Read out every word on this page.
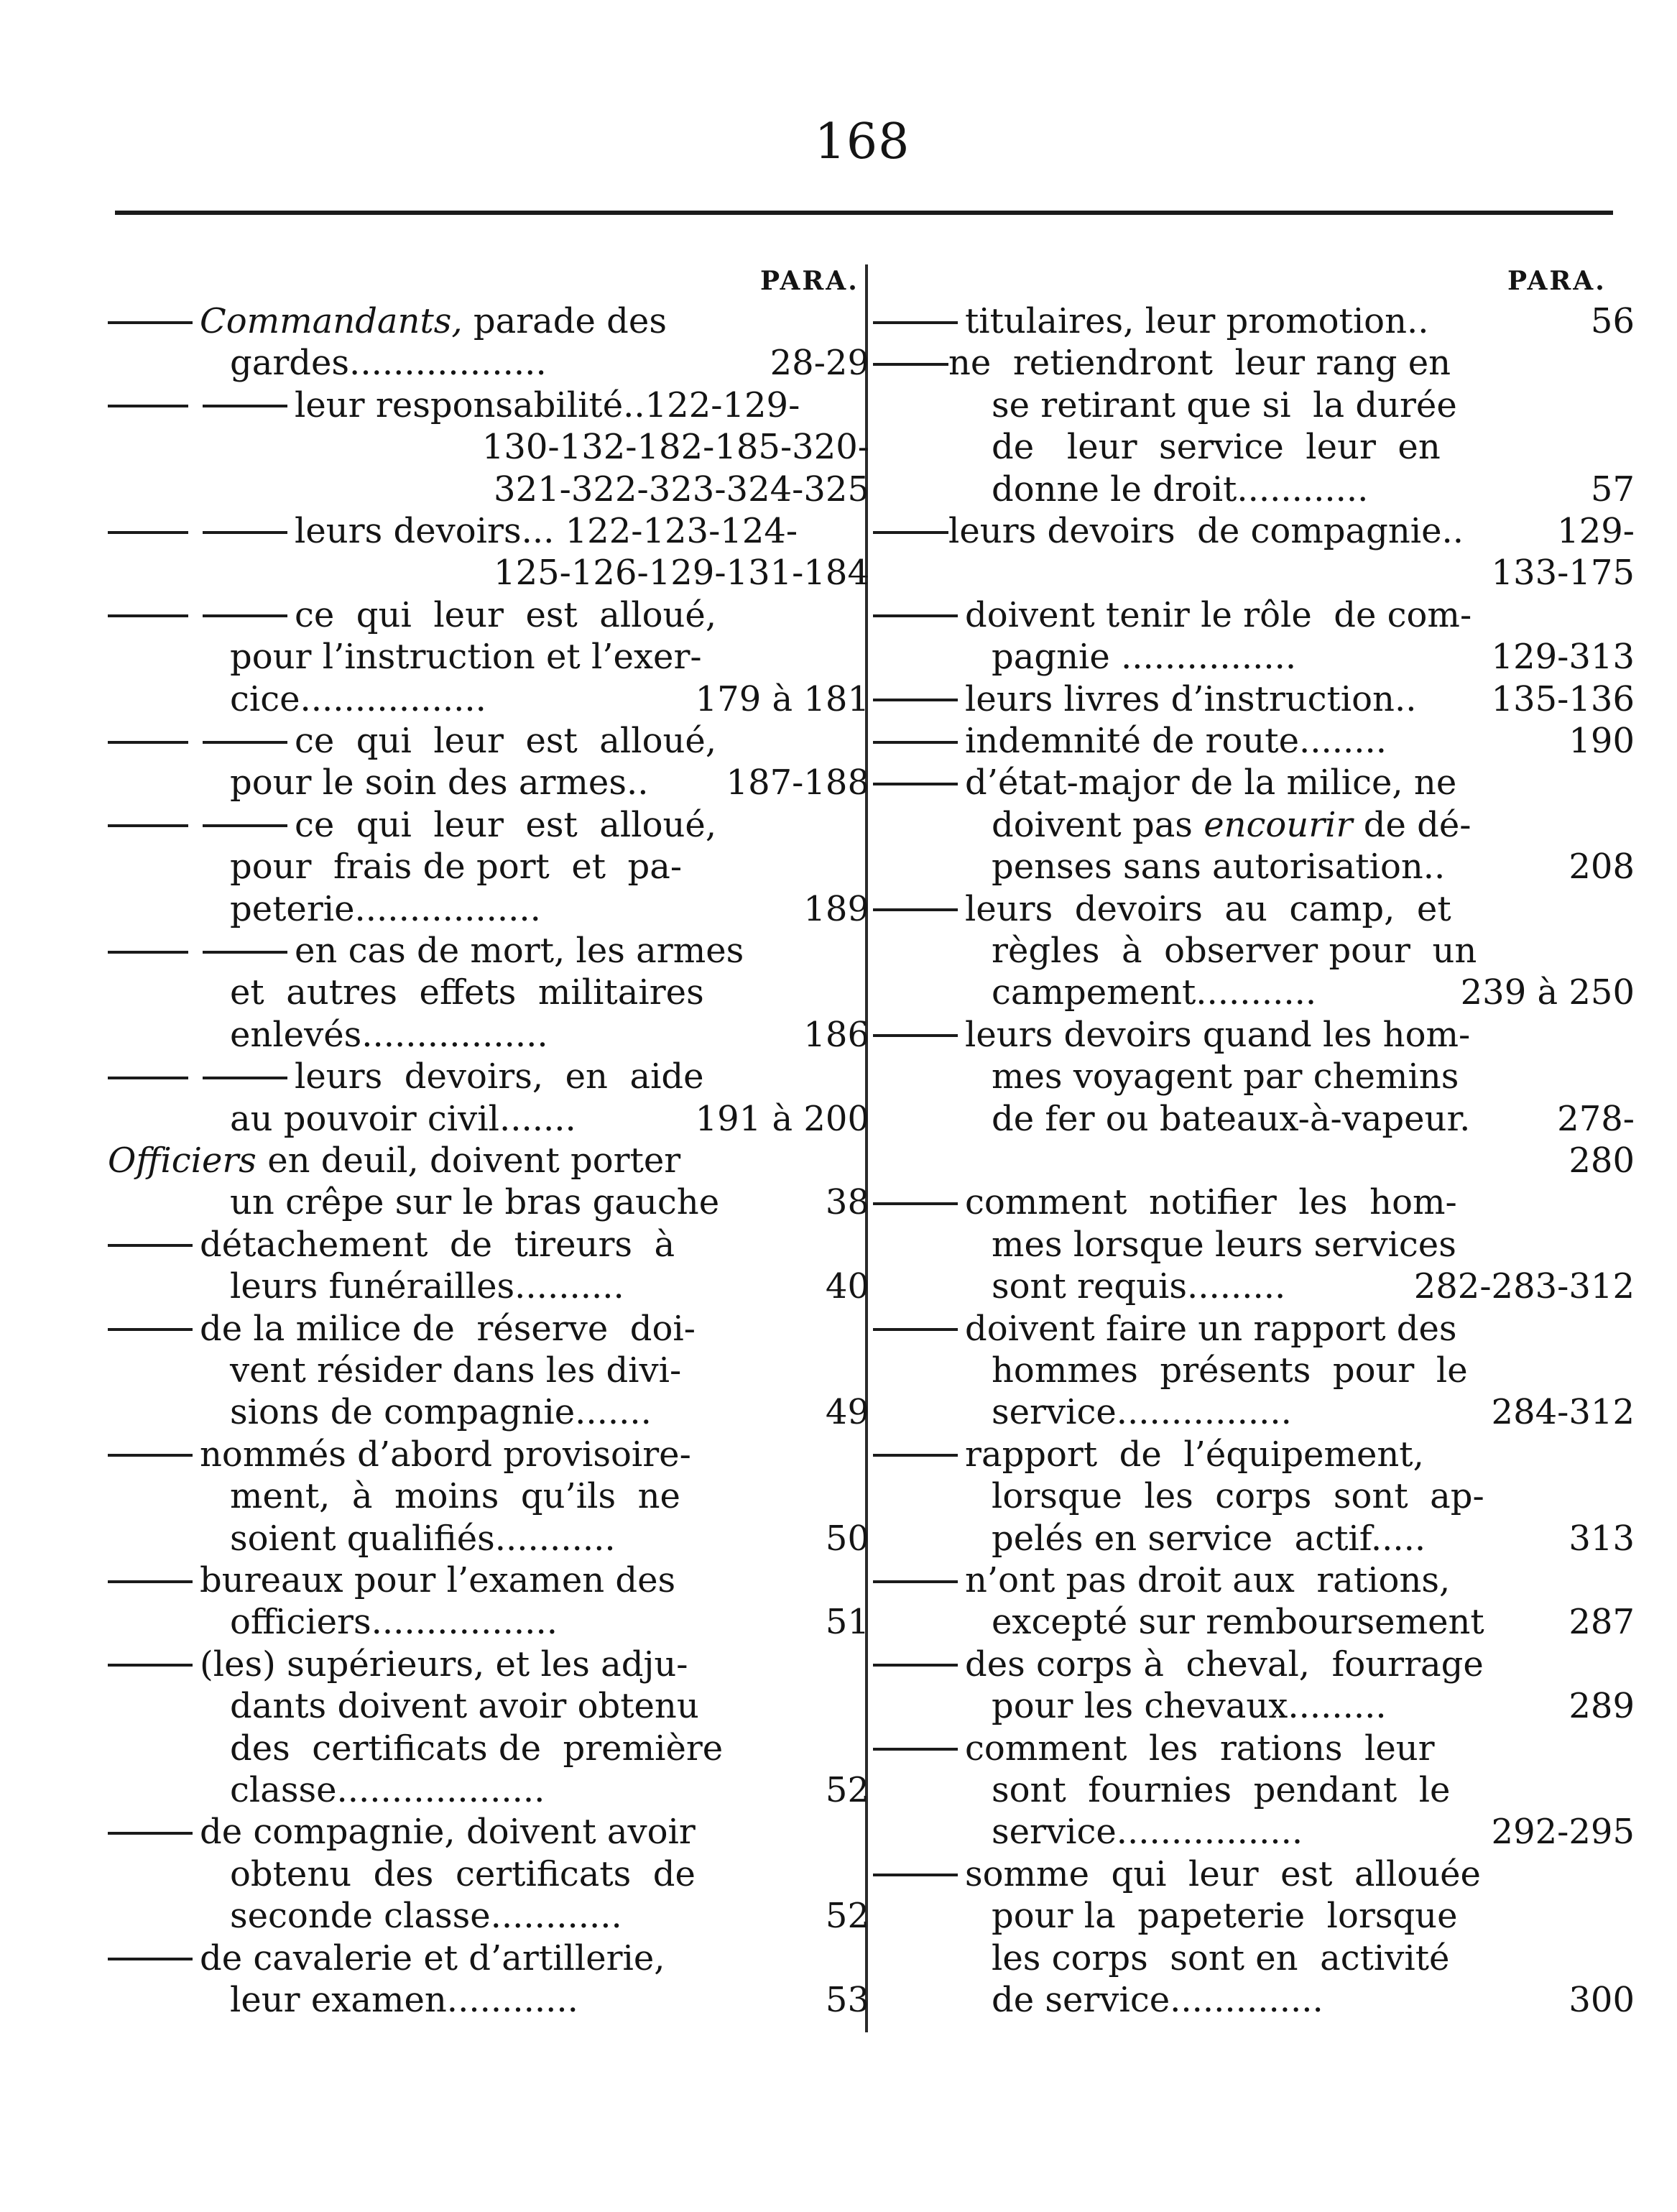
168
PARA.	PARA.
Commandants, parade des
gardes..................	28-29
leur responsabilité..122-129-
130-132-182-185-320-
321-322-323-324-325
leurs devoirs... 122-123-124-
125-126-129-131-184
ce  qui  leur  est  alloué,
pour l’instruction et l’exer-
cice.................	179 à 181
ce  qui  leur  est  alloué,
pour le soin des armes.. 187-188
ce  qui  leur  est  alloué,
pour  frais de port  et  pa-
peterie.................	189
en cas de mort, les armes
et  autres  effets  militaires
enlevés.................	186
leurs  devoirs,  en  aide
au pouvoir civil.......	191 à 200
Officiers en deuil, doivent porter
un crêpe sur le bras gauche	38
détachement  de  tireurs  à
leurs funérailles..........	40
de la milice de  réserve  doi-
vent résider dans les divi-
sions de compagnie.......	49
nommés d’abord provisoire-
ment,  à  moins  qu’ils  ne
soient qualifiés...........	50
bureaux pour l’examen des
officiers.................	51
(les) supérieurs, et les adju-
dants doivent avoir obtenu
des  certificats de  première
classe...................	52
de compagnie, doivent avoir
obtenu  des  certificats  de
seconde classe............	52
de cavalerie et d’artillerie,
leur examen............	53
titulaires, leur promotion..	56
ne  retiendront  leur rang en
se retirant que si  la durée
de   leur  service  leur  en
donne le droit............	57
leurs devoirs  de compagnie..	129-
133-175
doivent tenir le rôle  de com-
pagnie ................	129-313
leurs livres d’instruction.. 135-136
indemnité de route........	190
d’état-major de la milice, ne
doivent pas encourir de dé-
penses sans autorisation..	208
leurs  devoirs  au  camp,  et
règles  à  observer pour  un
campement...........	239 à 250
leurs devoirs quand les hom-
mes voyagent par chemins
de fer ou bateaux-à-vapeur.	278-
280
comment  notifier  les  hom-
mes lorsque leurs services
sont requis.........	282-283-312
doivent faire un rapport des
hommes  présents  pour  le
service................	284-312
rapport  de  l’équipement,
lorsque  les  corps  sont  ap-
pelés en service  actif.....	313
n’ont pas droit aux  rations,
excepté sur remboursement 287
des corps à  cheval,  fourrage
pour les chevaux.........	289
comment  les  rations  leur
sont  fournies  pendant  le
service.................	292-295
somme  qui  leur  est  allouée
pour la  papeterie  lorsque
les corps  sont en  activité
de service..............	300
